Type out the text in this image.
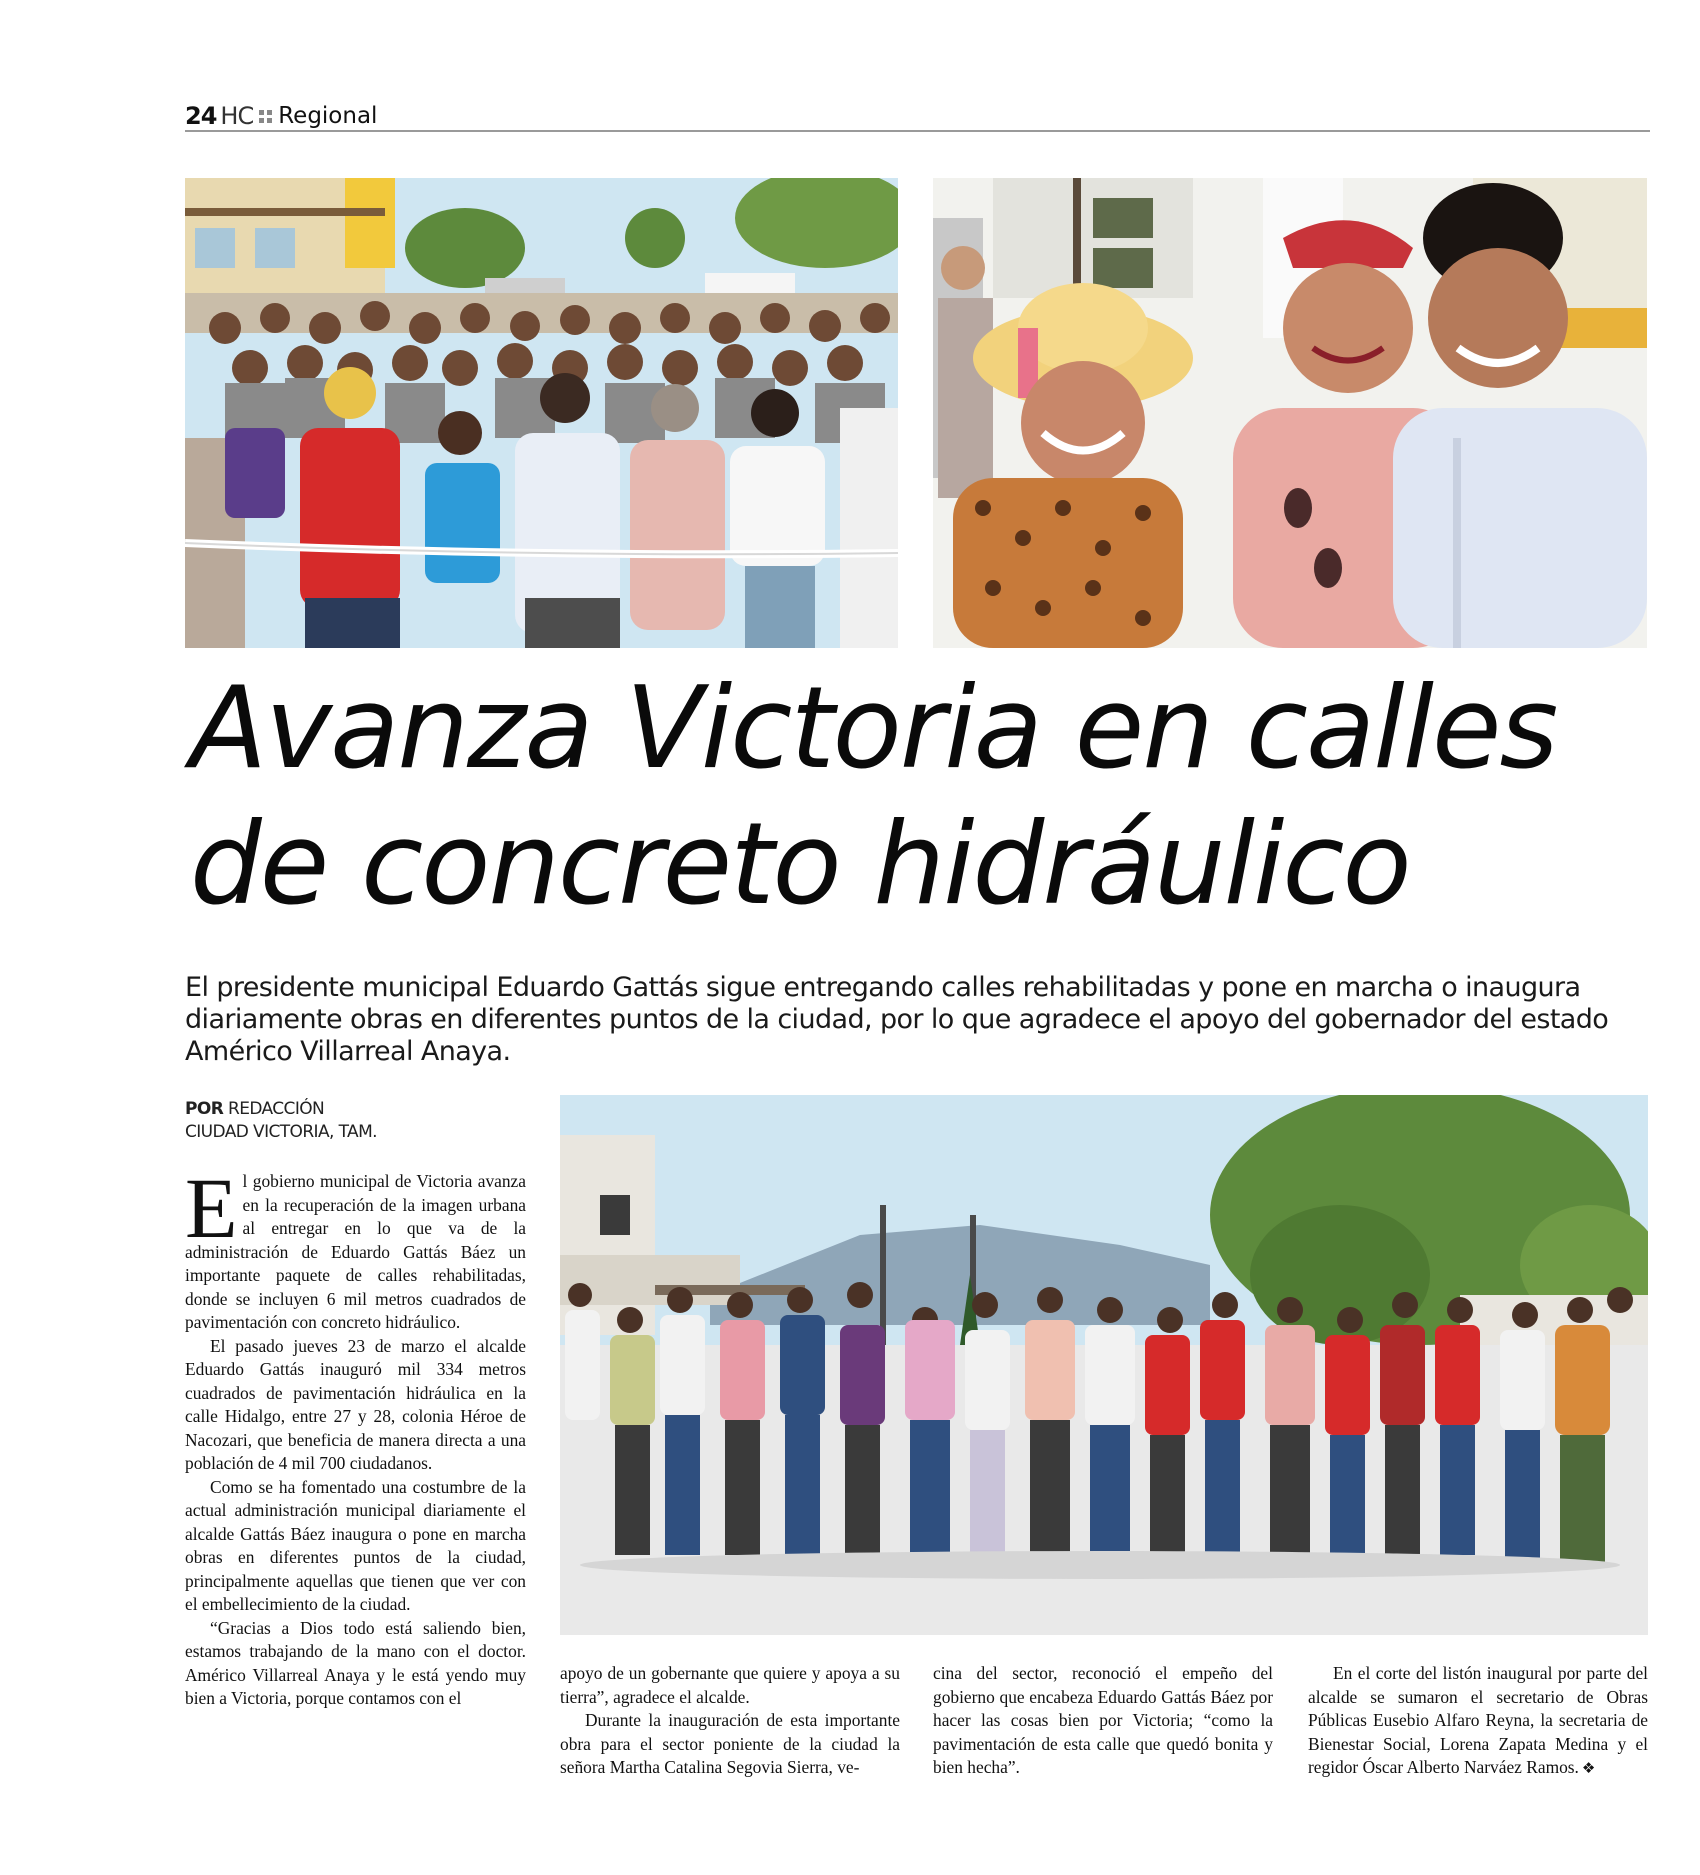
24 HC Regional
Avanza Victoria en calles
de concreto hidráulico

El presidente municipal Eduardo Gattás sigue entregando calles rehabilitadas y pone en marcha o inaugura diariamente obras en diferentes puntos de la ciudad, por lo que agradece el apoyo del gobernador del estado Américo Villarreal Anaya.

POR REDACCIÓN
CIUDAD VICTORIA, TAM.

El gobierno municipal de Victoria avanza en la recuperación de la imagen urbana al entregar en lo que va de la administración de Eduardo Gattás Báez un importante paquete de calles rehabilitadas, donde se incluyen 6 mil metros cuadrados de pavimentación con concreto hidráulico.

El pasado jueves 23 de marzo el alcalde Eduardo Gattás inauguró mil 334 metros cuadrados de pavimentación hidráulica en la calle Hidalgo, entre 27 y 28, colonia Héroe de Nacozari, que beneficia de manera directa a una población de 4 mil 700 ciudadanos.

Como se ha fomentado una costumbre de la actual administración municipal diariamente el alcalde Gattás Báez inaugura o pone en marcha obras en diferentes puntos de la ciudad, principalmente aquellas que tienen que ver con el embellecimiento de la ciudad.

“Gracias a Dios todo está saliendo bien, estamos trabajando de la mano con el doctor. Américo Villarreal Anaya y le está yendo muy bien a Victoria, porque contamos con el

apoyo de un gobernante que quiere y apoya a su tierra”, agradece el alcalde.

Durante la inauguración de esta importante obra para el sector poniente de la ciudad la señora Martha Catalina Segovia Sierra, ve-

cina del sector, reconoció el empeño del gobierno que encabeza Eduardo Gattás Báez por hacer las cosas bien por Victoria; “como la pavimentación de esta calle que quedó bonita y bien hecha”.

En el corte del listón inaugural por parte del alcalde se sumaron el secretario de Obras Públicas Eusebio Alfaro Reyna, la secretaria de Bienestar Social, Lorena Zapata Medina y el regidor Óscar Alberto Narváez Ramos. ❖
